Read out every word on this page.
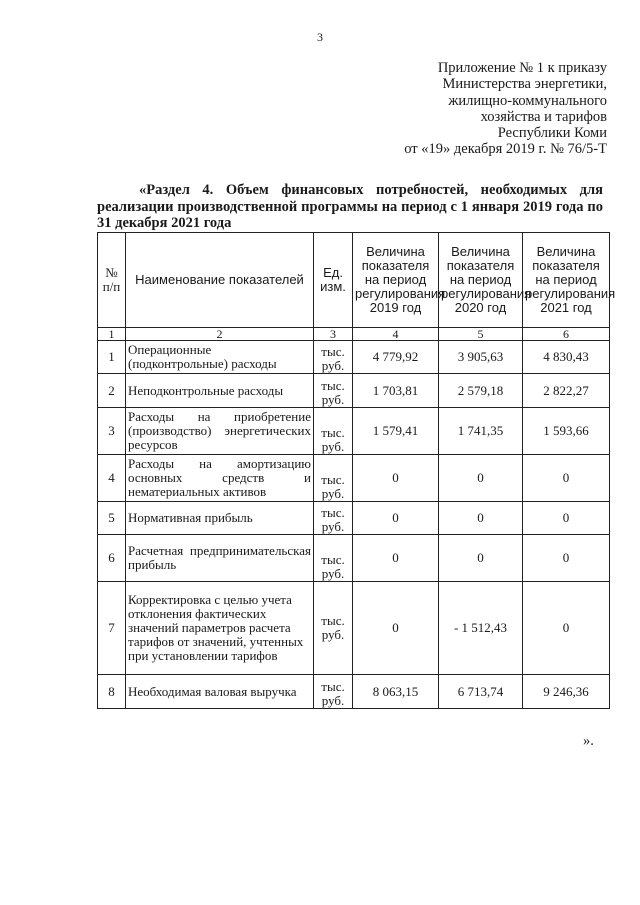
3
Приложение № 1 к приказу
Министерства энергетики,
жилищно-коммунального
хозяйства и тарифов
Республики Коми
от «19» декабря 2019 г. № 76/5-Т
«Раздел 4. Объем финансовых потребностей, необходимых для реализации производственной программы на период с 1 января 2019 года по 31 декабря 2021 года
№ п/п	Наименование показателей	Ед. изм.	Величина показателя на период регулирования 2019 год	Величина показателя на период регулирования 2020 год	Величина показателя на период регулирования 2021 год
1	2	3	4	5	6
1	Операционные (подконтрольные) расходы	тыс. руб.	4 779,92	3 905,63	4 830,43
2	Неподконтрольные расходы	тыс. руб.	1 703,81	2 579,18	2 822,27
3	Расходы на приобретение (производство) энергетических ресурсов	тыс. руб.	1 579,41	1 741,35	1 593,66
4	Расходы на амортизацию основных средств и нематериальных активов	тыс. руб.	0	0	0
5	Нормативная прибыль	тыс. руб.	0	0	0
6	Расчетная предпринимательская прибыль	тыс. руб.	0	0	0
7	Корректировка с целью учета отклонения фактических значений параметров расчета тарифов от значений, учтенных при установлении тарифов	тыс. руб.	0	- 1 512,43	0
8	Необходимая валовая выручка	тыс. руб.	8 063,15	6 713,74	9 246,36
».
